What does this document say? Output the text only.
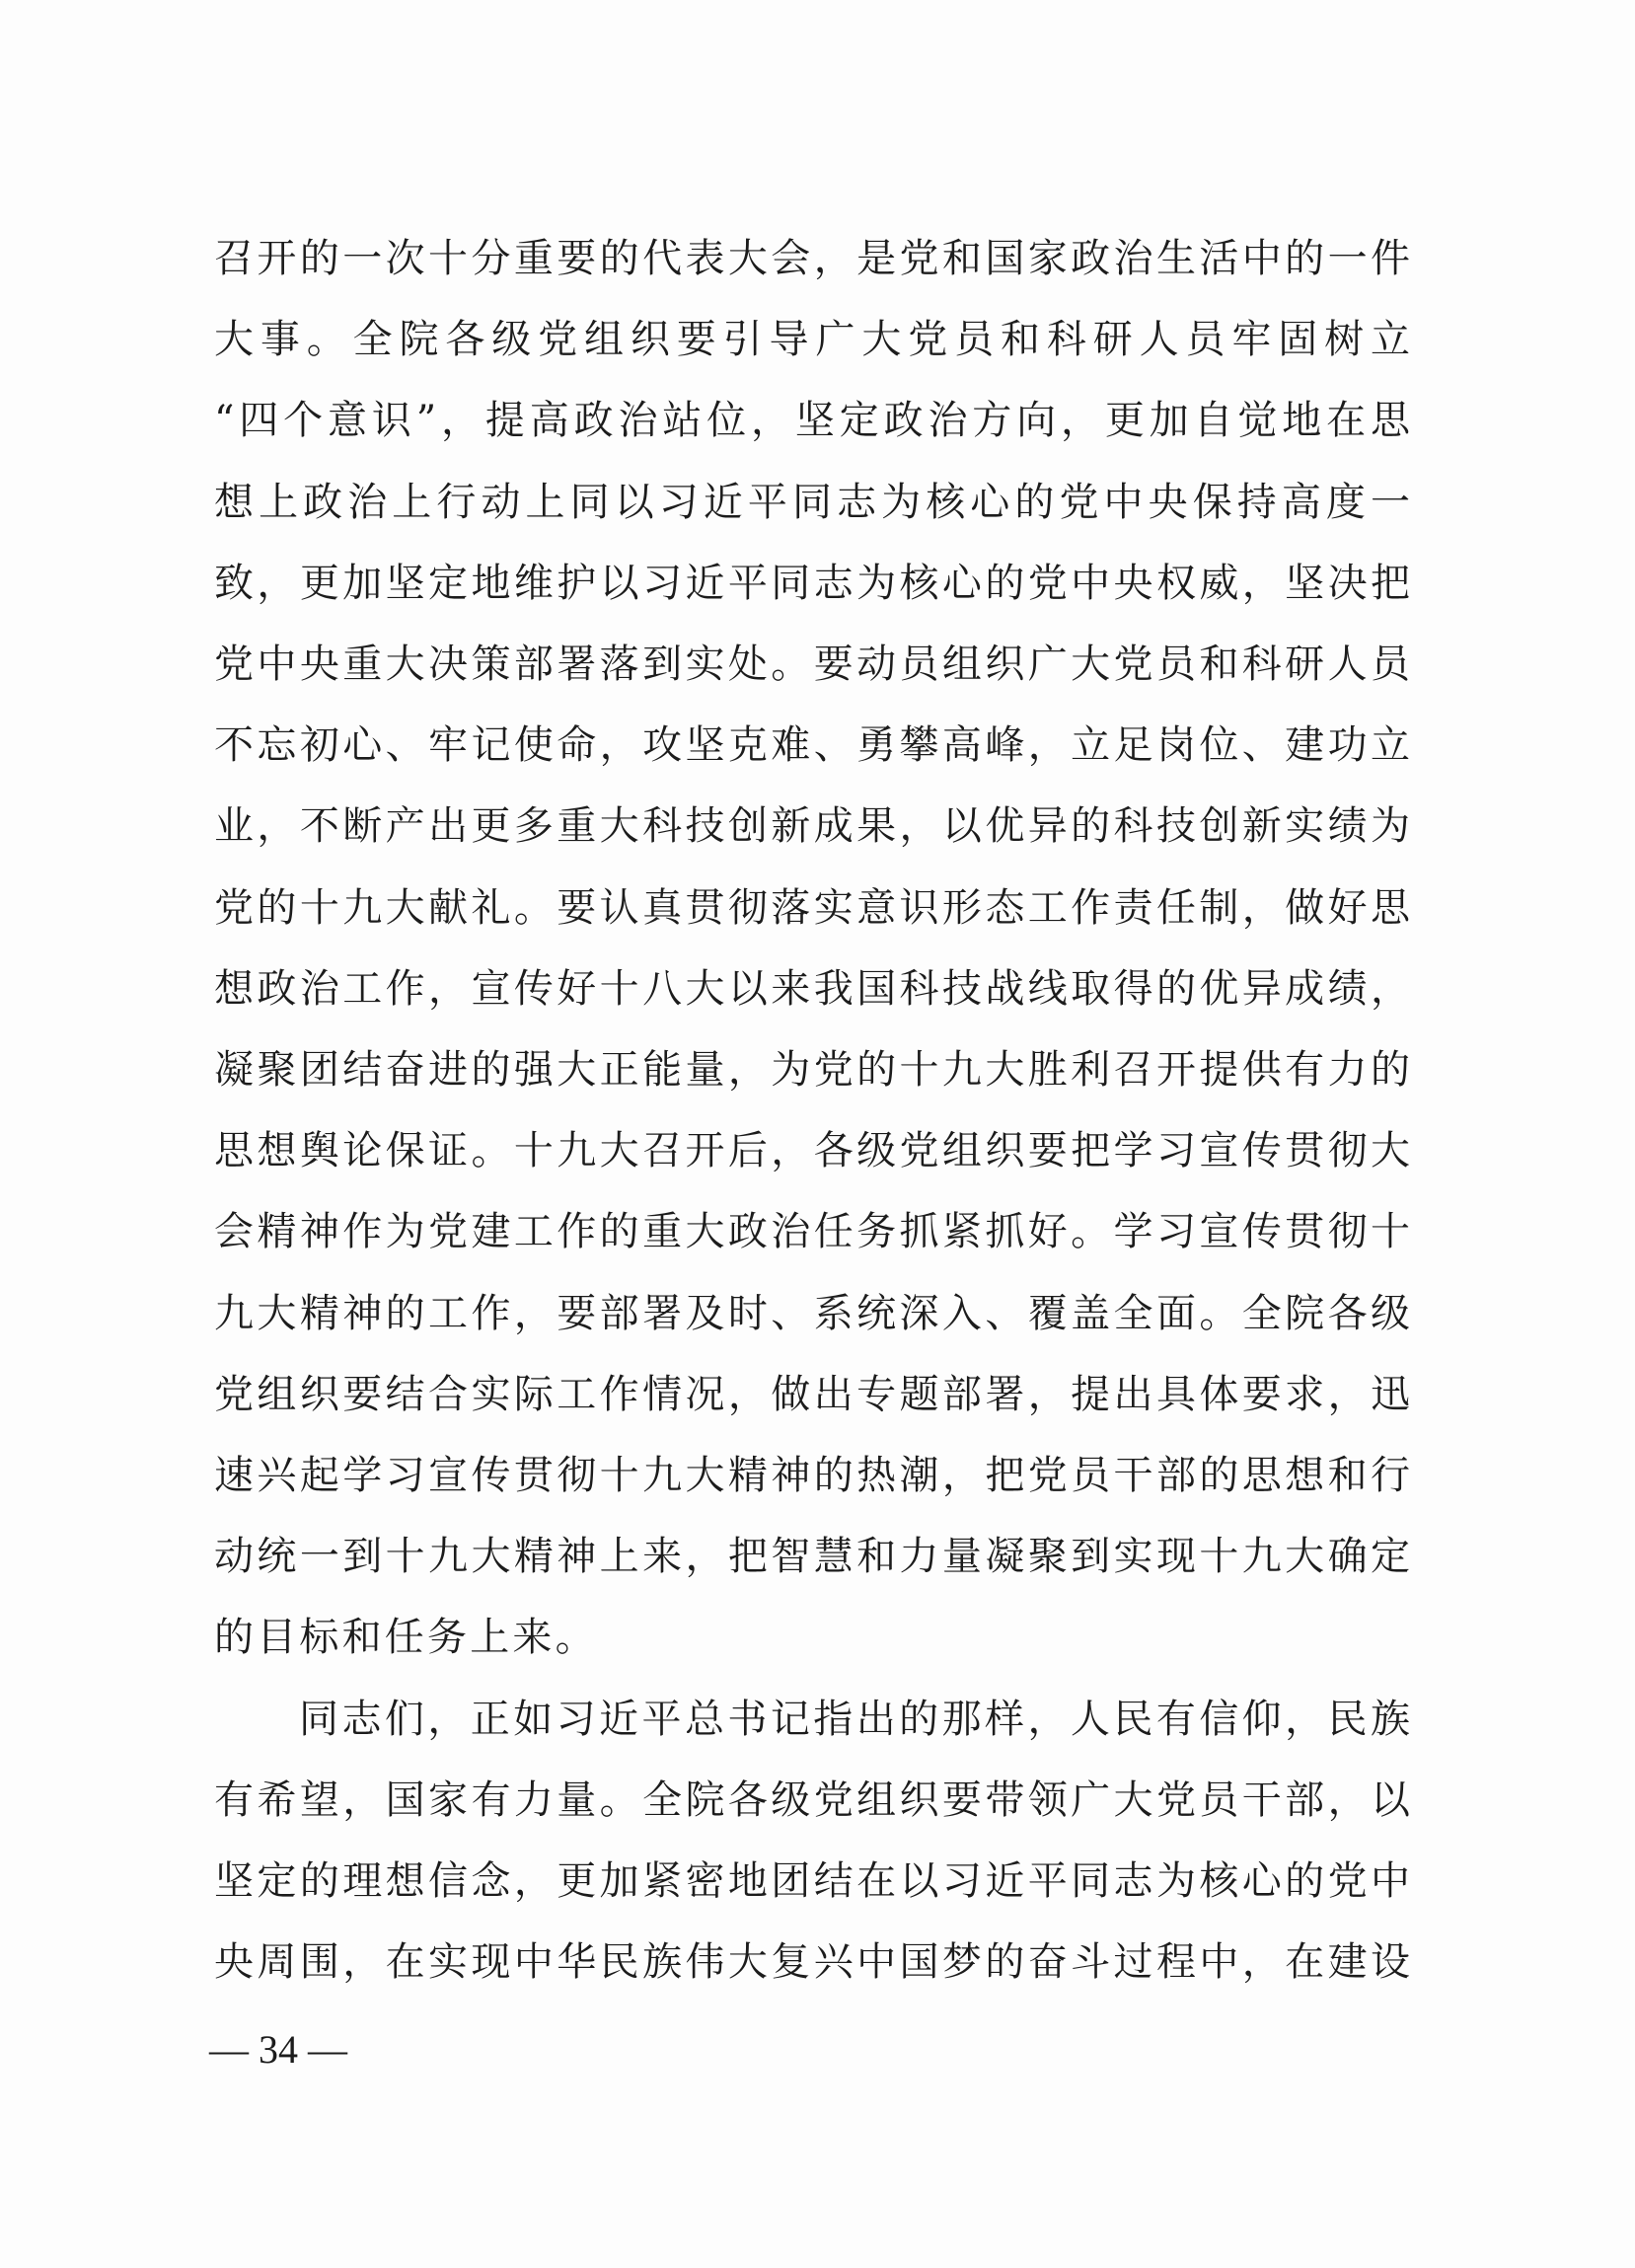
召开的一次十分重要的代表大会，是党和国家政治生活中的一件
大事。全院各级党组织要引导广大党员和科研人员牢固树立
“四个意识”，提高政治站位，坚定政治方向，更加自觉地在思
想上政治上行动上同以习近平同志为核心的党中央保持高度一
致，更加坚定地维护以习近平同志为核心的党中央权威，坚决把
党中央重大决策部署落到实处。要动员组织广大党员和科研人员
不忘初心、牢记使命，攻坚克难、勇攀高峰，立足岗位、建功立
业，不断产出更多重大科技创新成果，以优异的科技创新实绩为
党的十九大献礼。要认真贯彻落实意识形态工作责任制，做好思
想政治工作，宣传好十八大以来我国科技战线取得的优异成绩，
凝聚团结奋进的强大正能量，为党的十九大胜利召开提供有力的
思想舆论保证。十九大召开后，各级党组织要把学习宣传贯彻大
会精神作为党建工作的重大政治任务抓紧抓好。学习宣传贯彻十
九大精神的工作，要部署及时、系统深入、覆盖全面。全院各级
党组织要结合实际工作情况，做出专题部署，提出具体要求，迅
速兴起学习宣传贯彻十九大精神的热潮，把党员干部的思想和行
动统一到十九大精神上来，把智慧和力量凝聚到实现十九大确定
的目标和任务上来。
同志们，正如习近平总书记指出的那样，人民有信仰，民族
有希望，国家有力量。全院各级党组织要带领广大党员干部，以
坚定的理想信念，更加紧密地团结在以习近平同志为核心的党中
央周围，在实现中华民族伟大复兴中国梦的奋斗过程中，在建设
— 34 —
